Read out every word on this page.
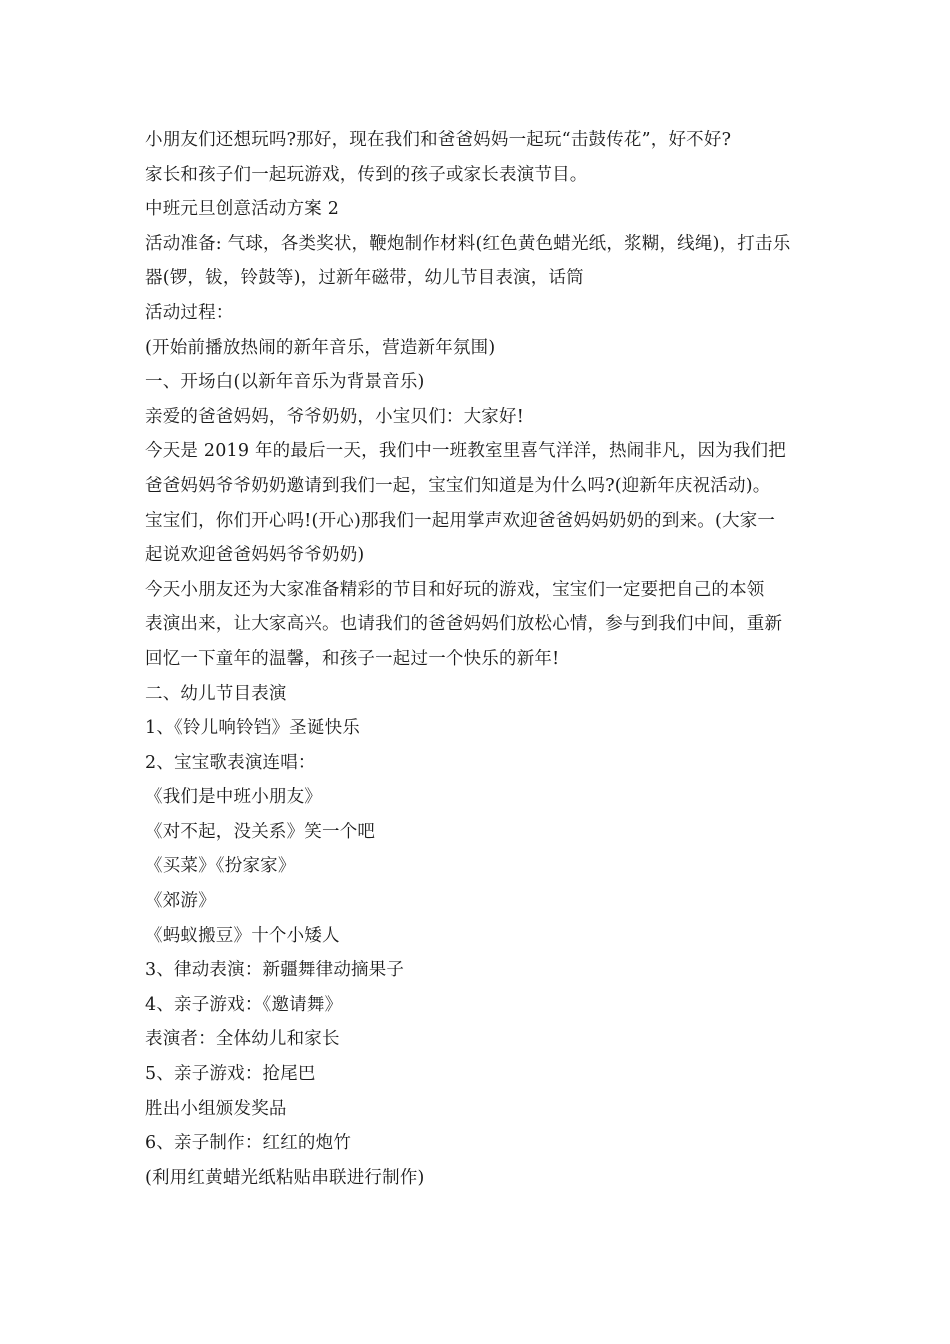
小朋友们还想玩吗?那好，现在我们和爸爸妈妈一起玩“击鼓传花”，好不好?
家长和孩子们一起玩游戏，传到的孩子或家长表演节目。
中班元旦创意活动方案 2
活动准备: 气球，各类奖状，鞭炮制作材料(红色黄色蜡光纸，浆糊，线绳)，打击乐
器(锣，钹，铃鼓等)，过新年磁带，幼儿节目表演，话筒
活动过程：
(开始前播放热闹的新年音乐，营造新年氛围)
一、开场白(以新年音乐为背景音乐)
亲爱的爸爸妈妈，爷爷奶奶，小宝贝们：大家好!
今天是 2019 年的最后一天，我们中一班教室里喜气洋洋，热闹非凡，因为我们把
爸爸妈妈爷爷奶奶邀请到我们一起，宝宝们知道是为什么吗?(迎新年庆祝活动)。
宝宝们，你们开心吗!(开心)那我们一起用掌声欢迎爸爸妈妈奶奶的到来。(大家一
起说欢迎爸爸妈妈爷爷奶奶)
今天小朋友还为大家准备精彩的节目和好玩的游戏，宝宝们一定要把自己的本领
表演出来，让大家高兴。也请我们的爸爸妈妈们放松心情，参与到我们中间，重新
回忆一下童年的温馨，和孩子一起过一个快乐的新年!
二、幼儿节目表演
1、《铃儿响铃铛》圣诞快乐
2、宝宝歌表演连唱：
《我们是中班小朋友》
《对不起，没关系》笑一个吧
《买菜》《扮家家》
《郊游》
《蚂蚁搬豆》十个小矮人
3、律动表演：新疆舞律动摘果子
4、亲子游戏：《邀请舞》
表演者：全体幼儿和家长
5、亲子游戏：抢尾巴
胜出小组颁发奖品
6、亲子制作：红红的炮竹
(利用红黄蜡光纸粘贴串联进行制作)
